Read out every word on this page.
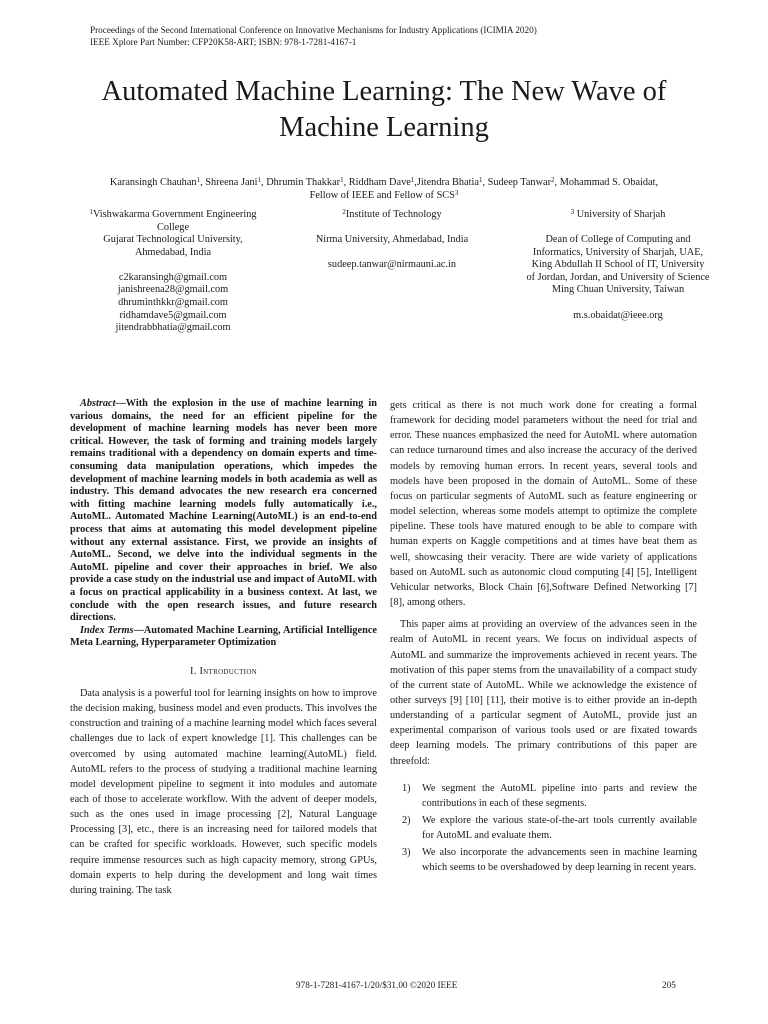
Proceedings of the Second International Conference on Innovative Mechanisms for Industry Applications (ICIMIA 2020)
IEEE Xplore Part Number: CFP20K58-ART; ISBN: 978-1-7281-4167-1
Automated Machine Learning: The New Wave of
Machine Learning
Karansingh Chauhan$^1$, Shreena Jani$^1$, Dhrumin Thakkar$^1$, Riddham Dave$^1$,Jitendra Bhatia$^1$, Sudeep Tanwar$^2$, Mohammad S. Obaidat,
Fellow of IEEE and Fellow of SCS$^3$
$^1$Vishwakarma Government Engineering
College
Gujarat Technological University,
Ahmedabad, India
c2karansingh@gmail.com
janishreena28@gmail.com
dhruminthkkr@gmail.com
ridhamdave5@gmail.com
jitendrabbhatia@gmail.com
$^2$Institute of Technology
Nirma University, Ahmedabad, India
sudeep.tanwar@nirmauni.ac.in
$^3$ University of Sharjah
Dean of College of Computing and
Informatics, University of Sharjah, UAE,
King Abdullah II School of IT, University
of Jordan, Jordan, and University of Science
Ming Chuan University, Taiwan
m.s.obaidat@ieee.org

Abstract—With the explosion in the use of machine learning in various domains, the need for an efficient pipeline for the development of machine learning models has never been more critical. However, the task of forming and training models largely remains traditional with a dependency on domain experts and time-consuming data manipulation operations, which impedes the development of machine learning models in both academia as well as industry. This demand advocates the new research era concerned with fitting machine learning models fully automatically i.e., AutoML. Automated Machine Learning(AutoML) is an end-to-end process that aims at automating this model development pipeline without any external assistance. First, we provide an insights of AutoML. Second, we delve into the individual segments in the AutoML pipeline and cover their approaches in brief. We also provide a case study on the industrial use and impact of AutoML with a focus on practical applicability in a business context. At last, we conclude with the open research issues, and future research directions.

Index Terms—Automated Machine Learning, Artificial Intelligence Meta Learning, Hyperparameter Optimization

I. Introduction

Data analysis is a powerful tool for learning insights on how to improve the decision making, business model and even products. This involves the construction and training of a machine learning model which faces several challenges due to lack of expert knowledge [1]. This challenges can be overcomed by using automated machine learning(AutoML) field. AutoML refers to the process of studying a traditional machine learning model development pipeline to segment it into modules and automate each of those to accelerate workflow. With the advent of deeper models, such as the ones used in image processing [2], Natural Language Processing [3], etc., there is an increasing need for tailored models that can be crafted for specific workloads. However, such specific models require immense resources such as high capacity memory, strong GPUs, domain experts to help during the development and long wait times during training. The task

gets critical as there is not much work done for creating a formal framework for deciding model parameters without the need for trial and error. These nuances emphasized the need for AutoML where automation can reduce turnaround times and also increase the accuracy of the derived models by removing human errors. In recent years, several tools and models have been proposed in the domain of AutoML. Some of these focus on particular segments of AutoML such as feature engineering or model selection, whereas some models attempt to optimize the complete pipeline. These tools have matured enough to be able to compare with human experts on Kaggle competitions and at times have beat them as well, showcasing their veracity. There are wide variety of applications based on AutoML such as autonomic cloud computing [4] [5], Intelligent Vehicular networks, Block Chain [6],Software Defined Networking [7] [8], among others.

This paper aims at providing an overview of the advances seen in the realm of AutoML in recent years. We focus on individual aspects of AutoML and summarize the improvements achieved in recent years. The motivation of this paper stems from the unavailability of a compact study of the current state of AutoML. While we acknowledge the existence of other surveys [9] [10] [11], their motive is to either provide an in-depth understanding of a particular segment of AutoML, provide just an experimental comparison of various tools used or are fixated towards deep learning models. The primary contributions of this paper are threefold:

1) We segment the AutoML pipeline into parts and review the contributions in each of these segments.
2) We explore the various state-of-the-art tools currently available for AutoML and evaluate them.
3) We also incorporate the advancements seen in machine learning which seems to be overshadowed by deep learning in recent years.
978-1-7281-4167-1/20/$31.00 ©2020 IEEE	205
